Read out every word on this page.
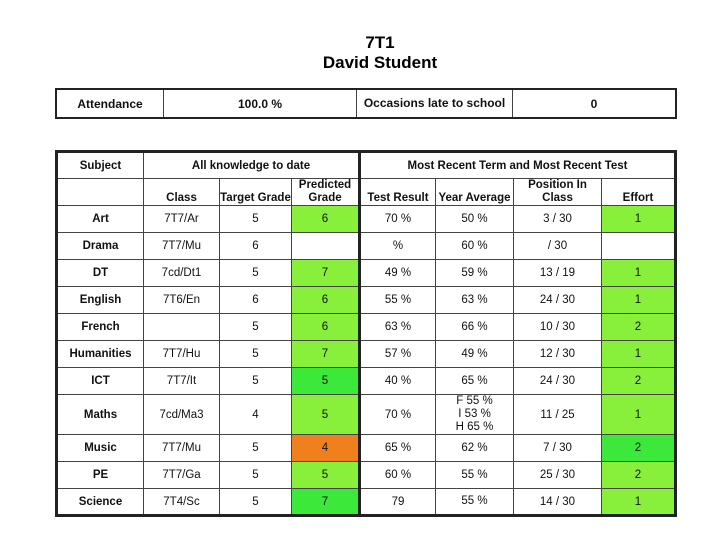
7T1
David Student
Attendance	100.0 %	Occasions late to school	0
Subject	All knowledge to date			Most Recent Term and Most Recent Test			
	Class	Target Grade	Predicted Grade	Test Result	Year Average	Position In Class	Effort
Art	7T7/Ar	5	6	70 %	50 %	3 / 30	1
Drama	7T7/Mu	6		%	60 %	/ 30	
DT	7cd/Dt1	5	7	49 %	59 %	13 / 19	1
English	7T6/En	6	6	55 %	63 %	24 / 30	1
French		5	6	63 %	66 %	10 / 30	2
Humanities	7T7/Hu	5	7	57 %	49 %	12 / 30	1
ICT	7T7/It	5	5	40 %	65 %	24 / 30	2
Maths	7cd/Ma3	4	5	70 %	F 55 %
I 53 %
H 65 %	11 / 25	1
Music	7T7/Mu	5	4	65 %	62 %	7 / 30	2
PE	7T7/Ga	5	5	60 %	55 %	25 / 30	2
Science	7T4/Sc	5	7	79	55 %	14 / 30	1
